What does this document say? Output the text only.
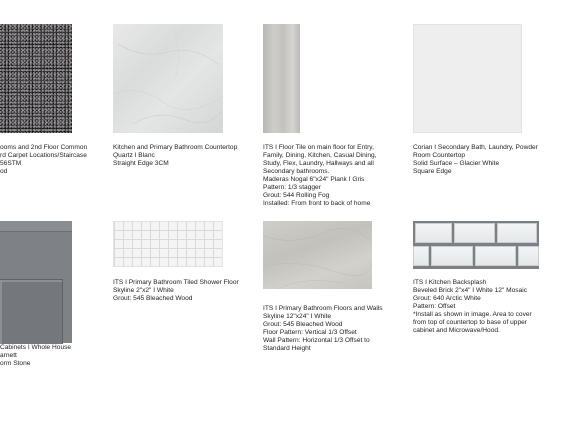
ooms and 2nd Floor Common
rd Carpet Locations/Staircase
56STM
od
Kitchen and Primary Bathroom Countertop
Quartz I Blanc
Straight Edge 3CM
ITS I Floor Tile on main floor for Entry,
Family, Dining, Kitchen, Casual Dining,
Study, Flex, Laundry, Hallways and all
Secondary bathrooms.
Maderas Nogal 6"x24" Plank I Gris
Pattern: 1/3 stagger
Grout: 544 Rolling Fog
Installed: From front to back of home
Corian I Secondary Bath, Laundry, Powder
Room Countertop
Solid Surface – Glacier White
Square Edge
Cabinets I Whole House
arnett
orm Stone
ITS I Primary Bathroom Tiled Shower Floor
Skyline 2"x2" I White
Grout: 545 Bleached Wood
ITS I Primary Bathroom Floors and Walls
Skyline 12"x24" I White
Grout: 545 Bleached Wood
Floor Pattern: Vertical 1/3 Offset
Wall Pattern: Horizontal 1/3 Offset to
Standard Height
ITS I Kitchen Backsplash
Beveled Brick 2"x4" I White 12" Mosaic
Grout: 640 Arctic White
Pattern: Offset
*Install as shown in image. Area to cover
from top of countertop to base of upper
cabinet and Microwave/Hood.
